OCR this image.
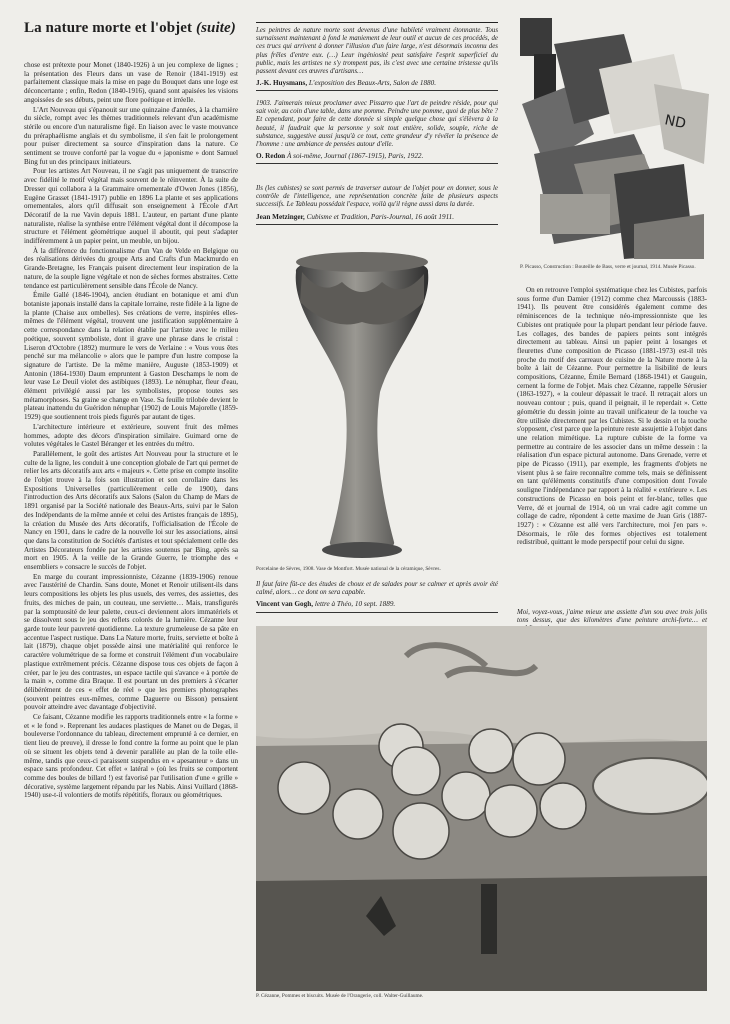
La nature morte et l'objet (suite)

chose est prétexte pour Monet (1840-1926) à un jeu complexe de lignes ; la présentation des Fleurs dans un vase de Renoir (1841-1919) est parfaitement classique mais la mise en page du Bouquet dans une loge est déconcertante ; enfin, Redon (1840-1916), quand sont apaisées les visions angoissées de ses débuts, peint une flore poétique et irréelle.

L'Art Nouveau qui s'épanouit sur une quinzaine d'années, à la charnière du siècle, rompt avec les thèmes traditionnels relevant d'un académisme stérile ou encore d'un naturalisme figé. En liaison avec le vaste mouvance du préraphaélisme anglais et du symbolisme, il s'en fait le prolongement pour puiser directement sa source d'inspiration dans la nature. Ce sentiment se trouve conforté par la vogue du « japonisme » dont Samuel Bing fut un des principaux initiateurs.

Pour les artistes Art Nouveau, il ne s'agit pas uniquement de transcrire avec fidélité le motif végétal mais souvent de le réinventer. À la suite de Dresser qui collabora à la Grammaire ornementale d'Owen Jones (1856), Eugène Grasset (1841-1917) publie en 1896 La plante et ses applications ornementales, alors qu'il diffusait son enseignement à l'École d'Art Décoratif de la rue Vavin depuis 1881. L'auteur, en partant d'une plante naturaliste, réalise la synthèse entre l'élément végétal dont il décompose la structure et l'élément géométrique auquel il aboutit, qui peut s'adapter indifféremment à un papier peint, un meuble, un bijou.

À la différence du fonctionnalisme d'un Van de Velde en Belgique ou des réalisations dérivées du groupe Arts and Crafts d'un Mackmurdo en Grande-Bretagne, les Français puisent directement leur inspiration de la nature, de la souple ligne végétale et non de sèches formes abstraites. Cette tendance est particulièrement sensible dans l'École de Nancy.

Émile Gallé (1846-1904), ancien étudiant en botanique et ami d'un botaniste japonais installé dans la capitale lorraine, reste fidèle à la ligne de la plante (Chaise aux ombelles). Ses créations de verre, inspirées elles-mêmes de l'élément végétal, trouvent une justification supplémentaire à cette correspondance dans la relation établie par l'artiste avec le milieu poétique, souvent symboliste, dont il grave une phrase dans le cristal : Liseron d'Octobre (1892) murmure le vers de Verlaine : « Vous vous êtes penché sur ma mélancolie » alors que le pampre d'un lustre compose la signature de l'artiste. De la même manière, Auguste (1853-1909) et Antonin (1864-1930) Daum empruntent à Gaston Deschamps le nom de leur vase Le Deuil violet des astibiques (1893). Le nénuphar, fleur d'eau, élément privilégié aussi par les symbolistes, propose toutes ses métamorphoses. Sa graine se change en Vase. Sa feuille trilobée devient le plateau inattendu du Guéridon nénuphar (1902) de Louis Majorelle (1859-1929) que soutiennent trois pieds figurés par autant de tiges.

L'architecture intérieure et extérieure, souvent fruit des mêmes hommes, adopte des décors d'inspiration similaire. Guimard orne de volutes végétales le Castel Béranger et les entrées du métro.

Parallèlement, le goût des artistes Art Nouveau pour la structure et le culte de la ligne, les conduit à une conception globale de l'art qui permet de relier les arts décoratifs aux arts « majeurs ». Cette prise en compte insolite de l'objet trouve à la fois son illustration et son corollaire dans les Expositions Universelles (particulièrement celle de 1900), dans l'introduction des Arts décoratifs aux Salons (Salon du Champ de Mars de 1891 organisé par la Société nationale des Beaux-Arts, suivi par le Salon des Indépendants de la même année et celui des Artistes français de 1895), la création du Musée des Arts décoratifs, l'officialisation de l'École de Nancy en 1901, dans le cadre de la nouvelle loi sur les associations, ainsi que dans la constitution de Sociétés d'artistes et tout spécialement celle des Artistes Décorateurs fondée par les artistes soutenus par Bing, après sa mort en 1905. À la veille de la Grande Guerre, le triomphe des « ensembliers » consacre le succès de l'objet.

En marge du courant impressionniste, Cézanne (1839-1906) renoue avec l'austérité de Chardin. Sans doute, Monet et Renoir utilisent-ils dans leurs compositions les objets les plus usuels, des verres, des assiettes, des fruits, des miches de pain, un couteau, une serviette… Mais, transfigurés par la somptuosité de leur palette, ceux-ci deviennent alors immatériels et se dissolvent sous le jeu des reflets colorés de la lumière. Cézanne leur garde toute leur pauvreté quotidienne. La texture grumeleuse de sa pâte en accentue l'aspect rustique. Dans La Nature morte, fruits, serviette et boîte à lait (1879), chaque objet possède ainsi une matérialité qui renforce le caractère volumétrique de sa forme et construit l'élément d'un vocabulaire plastique extrêmement précis. Cézanne dispose tous ces objets de façon à créer, par le jeu des contrastes, un espace tactile qui s'avance « à portée de la main », comme dira Braque. Il est pourtant un des premiers à s'écarter délibérément de ces « effet de réel » que les premiers photographes (souvent peintres eux-mêmes, comme Daguerre ou Bisson) pensaient pouvoir atteindre avec davantage d'objectivité.

Ce faisant, Cézanne modifie les rapports traditionnels entre « la forme » et « le fond ». Reprenant les audaces plastiques de Manet ou de Degas, il bouleverse l'ordonnance du tableau, directement emprunté à ce dernier, en tient lieu de preuve), il dresse le fond contre la forme au point que le plan où se situent les objets tend à devenir parallèle au plan de la toile elle-même, tandis que ceux-ci paraissent suspendus en « apesanteur » dans un espace sans profondeur. Cet effet « latéral » (où les fruits se comportent comme des boules de billard !) est favorisé par l'utilisation d'une « grille » décorative, système largement répandu par les Nabis. Ainsi Vuillard (1868-1940) use-t-il volontiers de motifs répétitifs, floraux ou géométriques.

Les peintres de nature morte sont devenus d'une habileté vraiment étonnante. Tous surnaissent maintenant à fond le maniement de leur outil et aucun de ces procédés, de ces trucs qui arrivent à donner l'illusion d'un faire large, n'est désormais inconnu des plus frêles d'entre eux. (…) Leur ingéniosité peut satisfaire l'esprit superficiel du public, mais les artistes ne s'y trompent pas, ils c'est avec une certaine tristesse qu'ils passent devant ces œuvres d'artisans…

J.-K. Huysmans, L'exposition des Beaux-Arts, Salon de 1880.

1903. J'aimerais mieux proclamer avec Pissarro que l'art de peindre réside, pour qui sait voir, au coin d'une table, dans une pomme. Peindre une pomme, quoi de plus bête ? Et cependant, pour faire de cette donnée si simple quelque chose qui s'élèvera à la beauté, il faudrait que la personne y soit tout entière, solide, souple, riche de substance, suggestive aussi jusqu'à ce tout, cette grandeur d'y révéler la présence de l'homme : une ambiance de pensées autour d'elle.

O. Redon À soi-même, Journal (1867-1915), Paris, 1922.

Ils (les cubistes) se sont permis de traverser autour de l'objet pour en donner, sous le contrôle de l'intelligence, une représentation concrète faite de plusieurs aspects successifs. Le Tableau possédait l'espace, voilà qu'il règne aussi dans la durée.

Jean Metzinger, Cubisme et Tradition, Paris-Journal, 16 août 1911.
ND
P. Picasso, Construction : Bouteille de Bass, verre et journal, 1914. Musée Picasso.
Porcelaine de Sèvres, 1908. Vase de Montfort. Musée national de la céramique, Sèvres.

On en retrouve l'emploi systématique chez les Cubistes, parfois sous forme d'un Damier (1912) comme chez Marcoussis (1883-1941). Ils peuvent être considérés également comme des réminiscences de la technique néo-impressionniste que les Cubistes ont pratiquée pour la plupart pendant leur période fauve. Les collages, des bandes de papiers peints sont intégrés directement au tableau. Ainsi un papier peint à losanges et fleurettes d'une composition de Picasso (1881-1973) est-il très proche du motif des carreaux de cuisine de la Nature morte à la boîte à lait de Cézanne. Pour permettre la lisibilité de leurs compositions, Cézanne, Émile Bernard (1868-1941) et Gauguin, cernent la forme de l'objet. Mais chez Cézanne, rappelle Sérusier (1863-1927), « la couleur dépassait le tracé. Il retraçait alors un nouveau contour ; puis, quand il peignait, il le reperdait ». Cette géométrie du dessin jointe au travail unificateur de la touche va être utilisée directement par les Cubistes. Si le dessin et la touche s'opposent, c'est parce que la peinture reste assujettie à l'objet dans une relation mimétique. La rupture cubiste de la forme va permettre au contraire de les associer dans un même dessein : la réalisation d'un espace pictural autonome. Dans Grenade, verre et pipe de Picasso (1911), par exemple, les fragments d'objets ne visent plus à se faire reconnaître comme tels, mais se définissent en tant qu'éléments constitutifs d'une composition dont l'ovale souligne l'indépendance par rapport à la réalité « extérieure ». Les constructions de Picasso en bois peint et fer-blanc, telles que Verre, dé et journal de 1914, où un vrai cadre agit comme un collage de cadre, répondent à cette maxime de Juan Gris (1887-1927) : « Cézanne est allé vers l'architecture, moi j'en pars ». Désormais, le rôle des formes objectives est totalement redistribué, quittant le mode perspectif pour celui du signe.

Moi, voyez-vous, j'aime mieux une assiette d'un sou avec trois jolis tons dessus, que des kilomètres d'une peinture archi-forte… et

Il faut faire fût-ce des études de choux et de salades pour se calmer et après avoir été calmé, alors… ce dont on sera capable.

Vincent van Gogh, lettre à Théo, 10 sept. 1889.
P. Cézanne, Pommes et biscuits. Musée de l'Orangerie, coll. Walter-Guillaume.
